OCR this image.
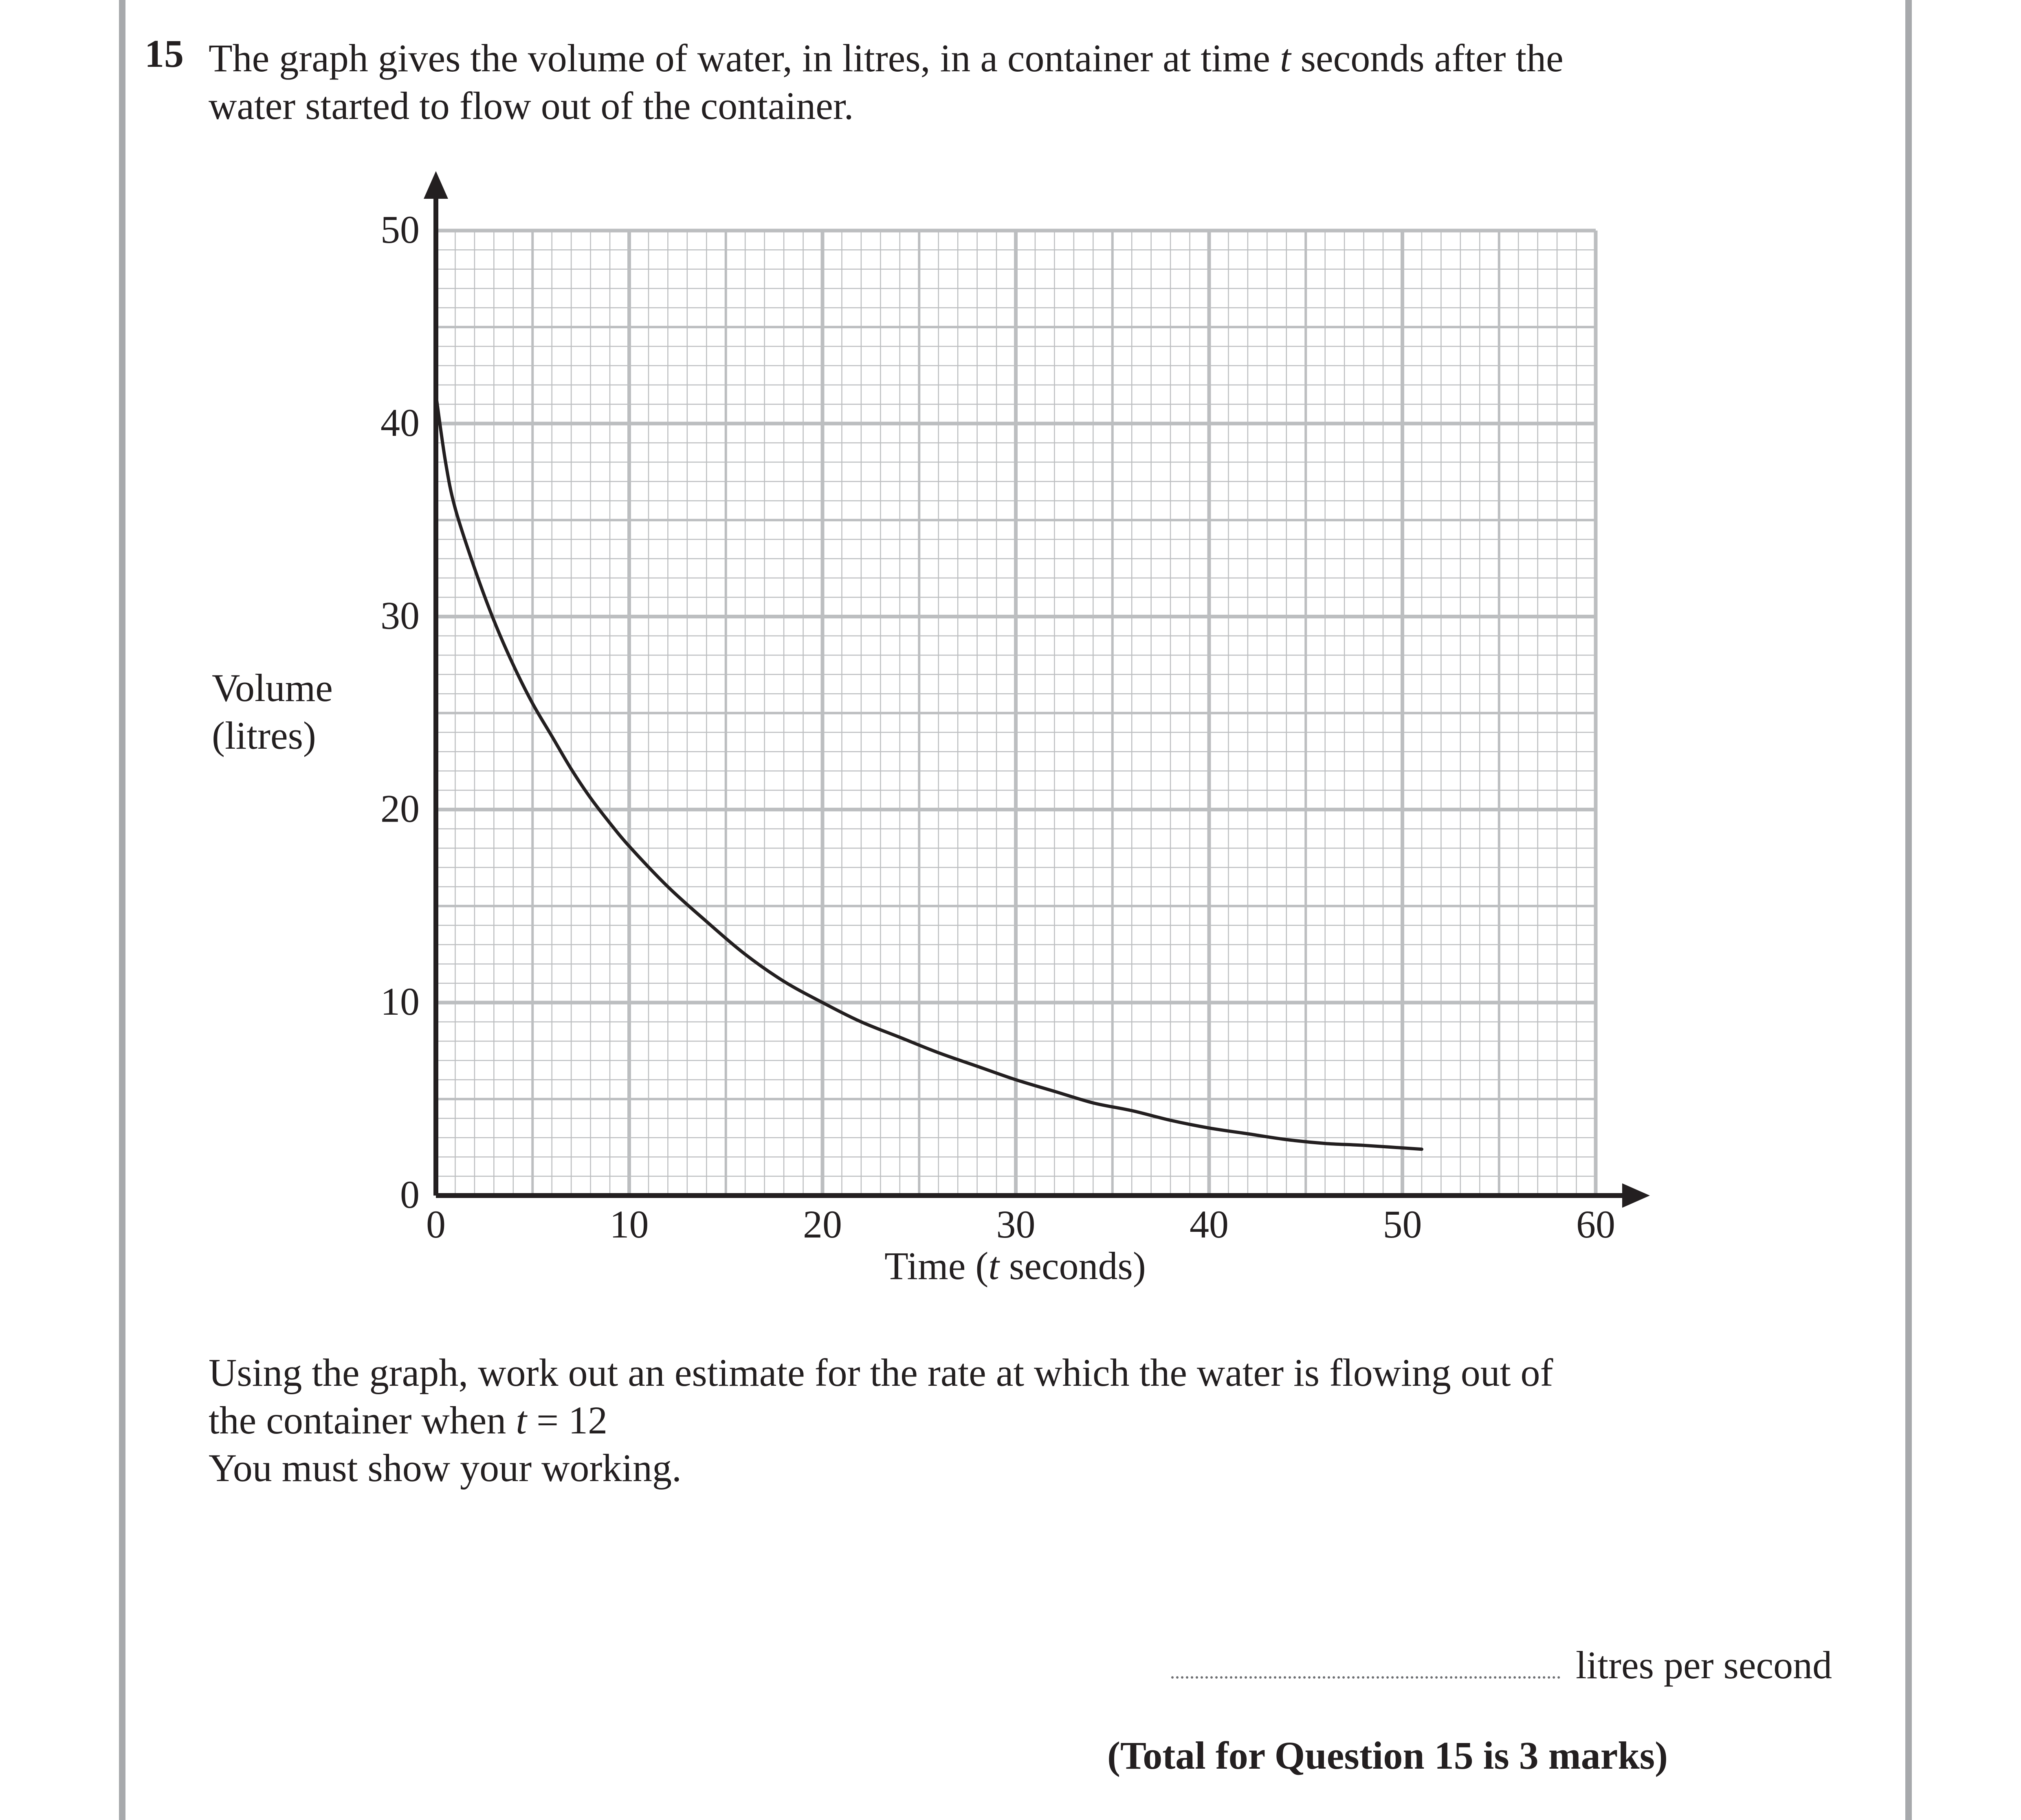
15 The graph gives the volume of water, in litres, in a container at time t seconds after the

water started to flow out of the container.

0	10	20	30	40	50	60
0
10
20
30
40
50
Volume
(litres)
Time (t seconds)

Using the graph, work out an estimate for the rate at which the water is flowing out of

the container when t = 12

You must show your working.

litres per second
(Total for Question 15 is 3 marks)
